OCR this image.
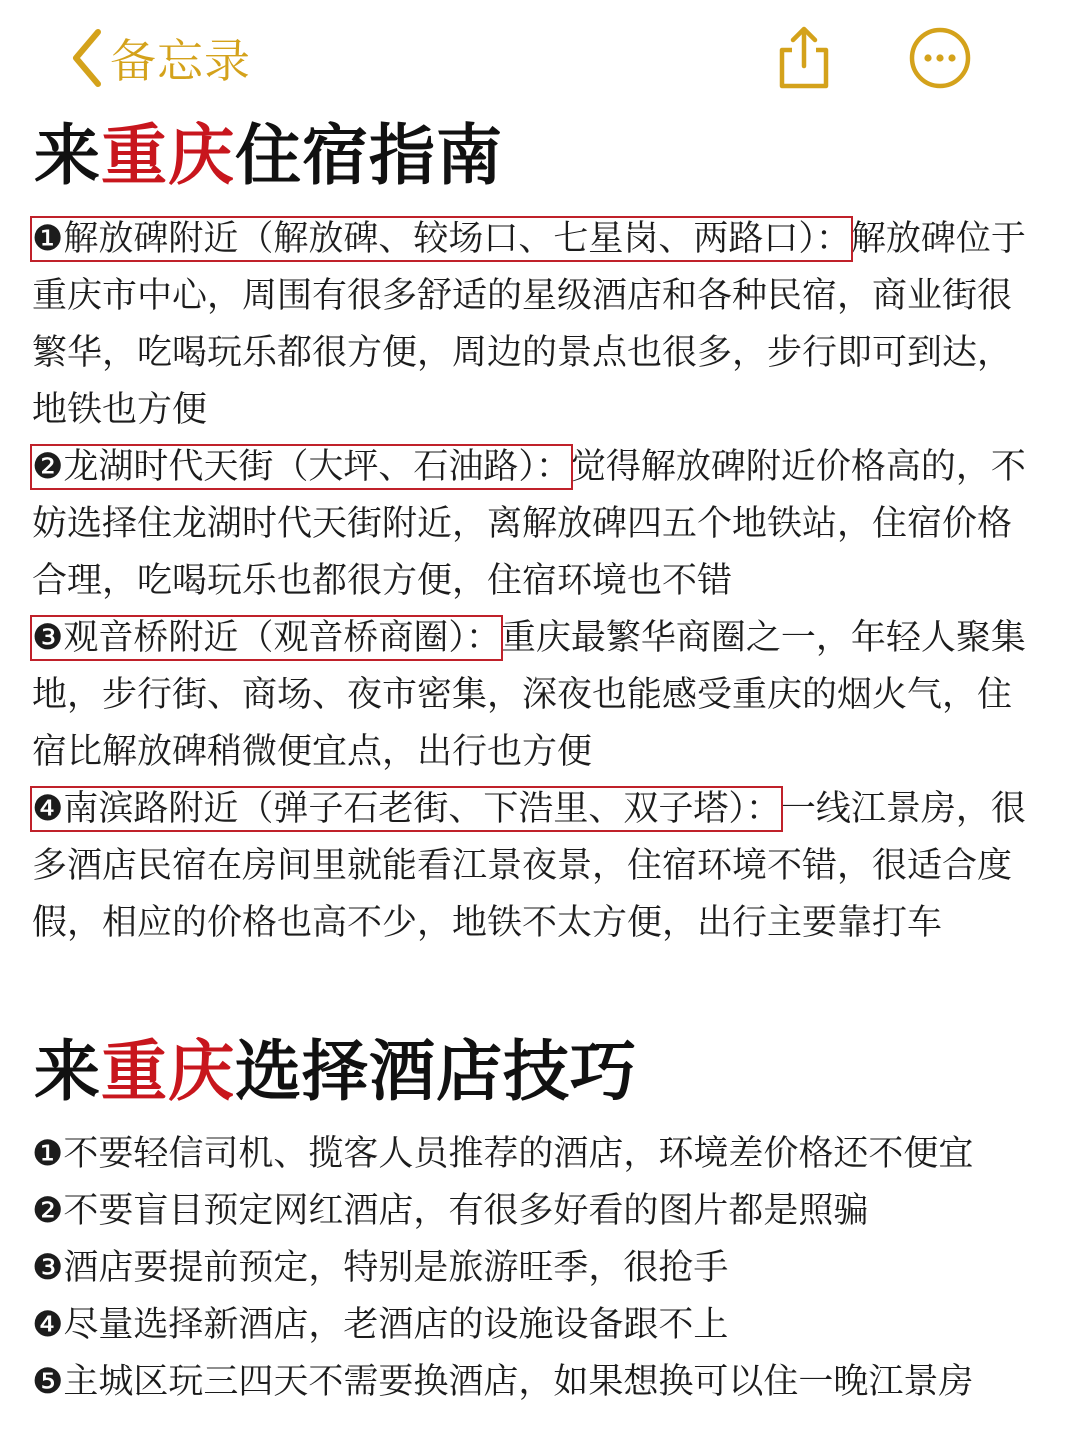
备忘录
来重庆住宿指南

❶解放碑附近（解放碑、较场口、七星岗、两路口）：解放碑位于重庆市中心，周围有很多舒适的星级酒店和各种民宿，商业街很繁华，吃喝玩乐都很方便，周边的景点也很多，步行即可到达，地铁也方便

❷龙湖时代天街（大坪、石油路）：觉得解放碑附近价格高的，不妨选择住龙湖时代天街附近，离解放碑四五个地铁站，住宿价格合理，吃喝玩乐也都很方便，住宿环境也不错

❸观音桥附近（观音桥商圈）：重庆最繁华商圈之一，年轻人聚集地，步行街、商场、夜市密集，深夜也能感受重庆的烟火气，住宿比解放碑稍微便宜点，出行也方便

❹南滨路附近（弹子石老街、下浩里、双子塔）：一线江景房，很多酒店民宿在房间里就能看江景夜景，住宿环境不错，很适合度假，相应的价格也高不少，地铁不太方便，出行主要靠打车

来重庆选择酒店技巧
❶不要轻信司机、揽客人员推荐的酒店，环境差价格还不便宜
❷不要盲目预定网红酒店，有很多好看的图片都是照骗
❸酒店要提前预定，特别是旅游旺季，很抢手
❹尽量选择新酒店，老酒店的设施设备跟不上
❺主城区玩三四天不需要换酒店，如果想换可以住一晚江景房
